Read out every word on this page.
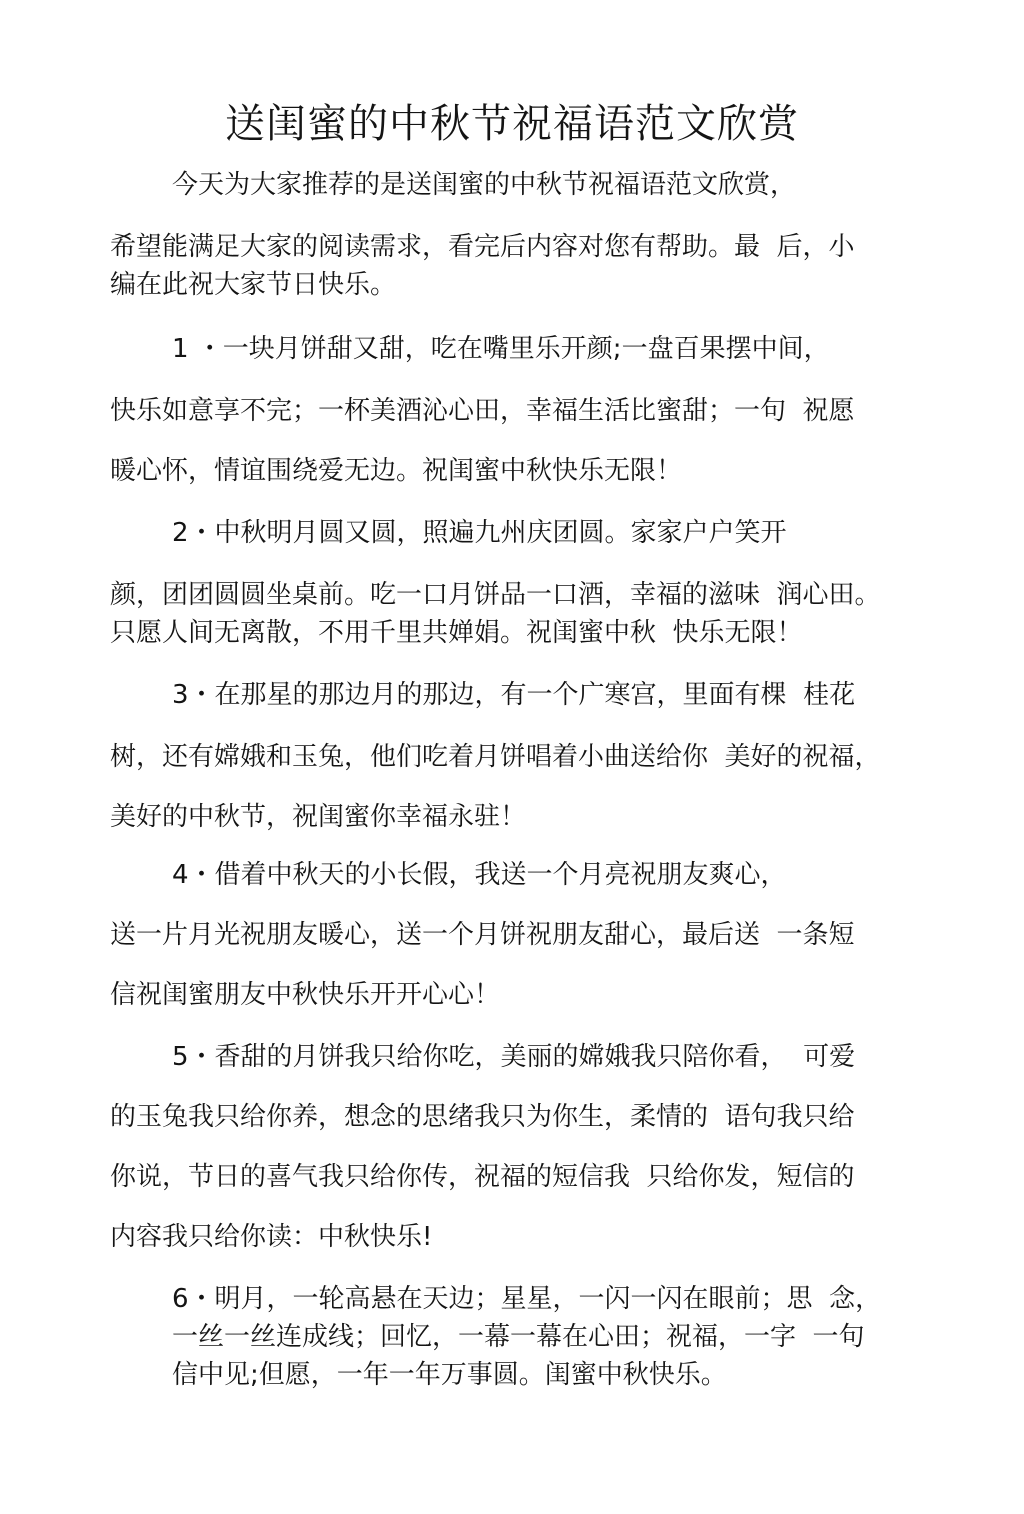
送闺蜜的中秋节祝福语范文欣赏

今天为大家推荐的是送闺蜜的中秋节祝福语范文欣赏，

希望能满足大家的阅读需求，看完后内容对您有帮助。最  后，小

编在此祝大家节日快乐。

1 ・一块月饼甜又甜，吃在嘴里乐开颜;一盘百果摆中间，

快乐如意享不完；一杯美酒沁心田，幸福生活比蜜甜；一句  祝愿

暖心怀，情谊围绕爱无边。祝闺蜜中秋快乐无限！

2・中秋明月圆又圆，照遍九州庆团圆。家家户户笑开

颜，团团圆圆坐桌前。吃一口月饼品一口酒，幸福的滋味  润心田。

只愿人间无离散，不用千里共婵娟。祝闺蜜中秋  快乐无限！

3・在那星的那边月的那边，有一个广寒宫，里面有棵  桂花

树，还有嫦娥和玉兔，他们吃着月饼唱着小曲送给你  美好的祝福，

美好的中秋节，祝闺蜜你幸福永驻！

4・借着中秋天的小长假，我送一个月亮祝朋友爽心，

送一片月光祝朋友暖心，送一个月饼祝朋友甜心，最后送  一条短

信祝闺蜜朋友中秋快乐开开心心！

5・香甜的月饼我只给你吃，美丽的嫦娥我只陪你看，  可爱

的玉兔我只给你养，想念的思绪我只为你生，柔情的  语句我只给

你说，节日的喜气我只给你传，祝福的短信我  只给你发，短信的

内容我只给你读：中秋快乐!

6・明月，一轮高悬在天边；星星，一闪一闪在眼前；思  念，

一丝一丝连成线；回忆，一幕一幕在心田；祝福，一字  一句

信中见;但愿，一年一年万事圆。闺蜜中秋快乐。
